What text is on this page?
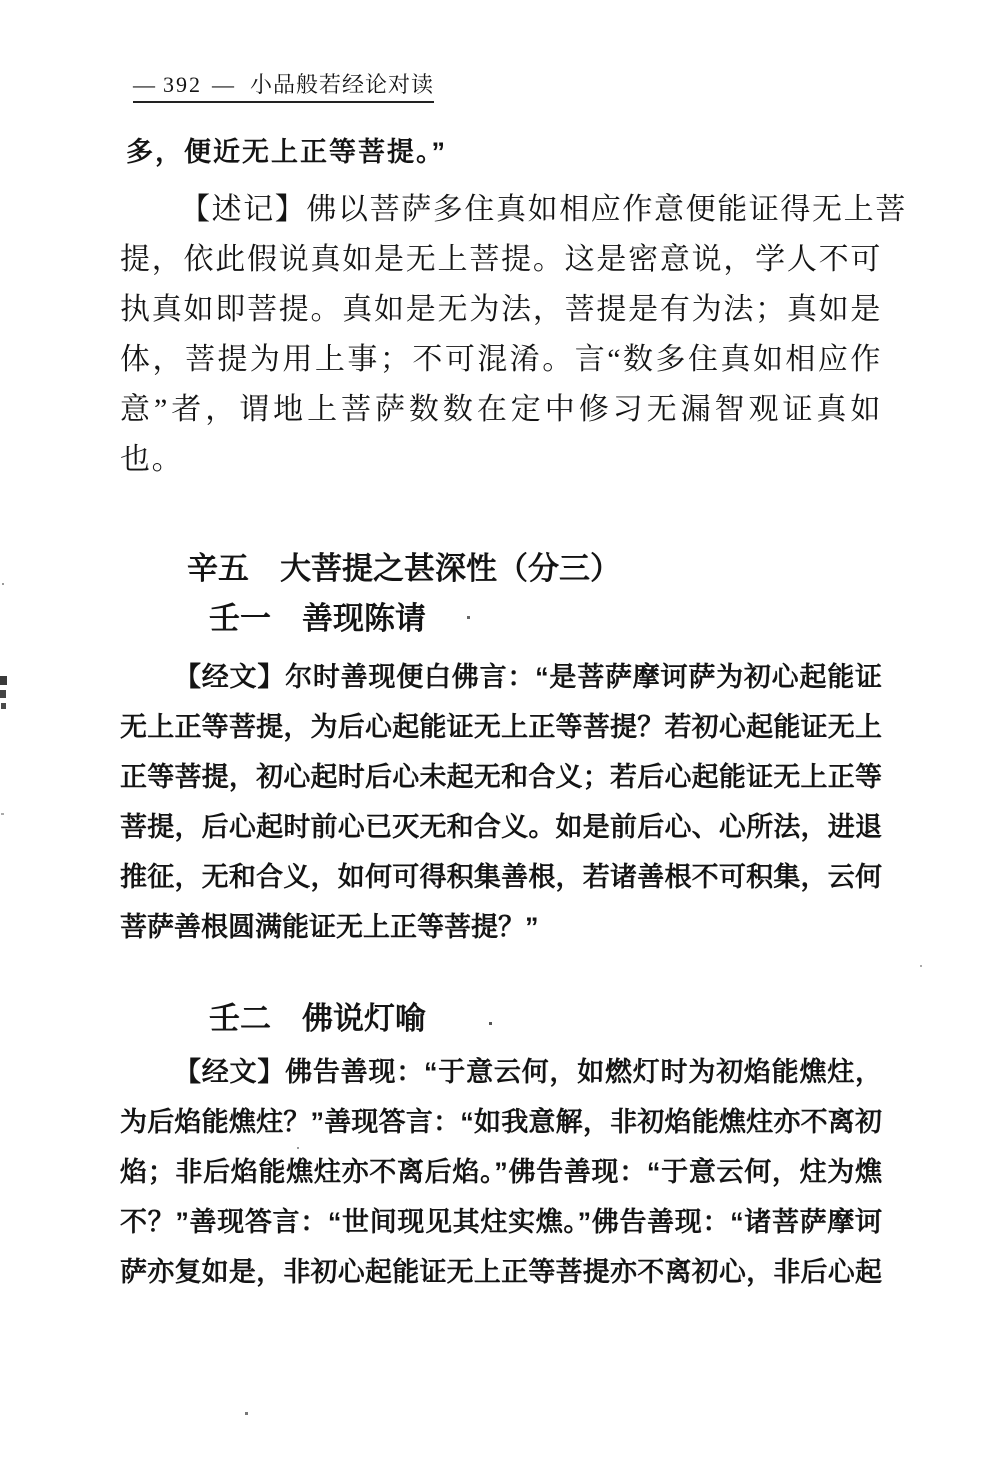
— 392 — 小品般若经论对读
多，便近无上正等菩提。”
【述记】佛以菩萨多住真如相应作意便能证得无上菩
提，依此假说真如是无上菩提。这是密意说，学人不可
执真如即菩提。真如是无为法，菩提是有为法；真如是
体，菩提为用上事；不可混淆。言“数多住真如相应作
意”者，谓地上菩萨数数在定中修习无漏智观证真如
也。
辛五　大菩提之甚深性（分三）
壬一　善现陈请
【经文】尔时善现便白佛言：“是菩萨摩诃萨为初心起能证
无上正等菩提，为后心起能证无上正等菩提？若初心起能证无上
正等菩提，初心起时后心未起无和合义；若后心起能证无上正等
菩提，后心起时前心已灭无和合义。如是前后心、心所法，进退
推征，无和合义，如何可得积集善根，若诸善根不可积集，云何
菩萨善根圆满能证无上正等菩提？”
壬二　佛说灯喻
【经文】佛告善现：“于意云何，如燃灯时为初焰能燋炷，
为后焰能燋炷？”善现答言：“如我意解，非初焰能燋炷亦不离初
焰；非后焰能燋炷亦不离后焰。”佛告善现：“于意云何，炷为燋
不？”善现答言：“世间现见其炷实燋。”佛告善现：“诸菩萨摩诃
萨亦复如是，非初心起能证无上正等菩提亦不离初心，非后心起
